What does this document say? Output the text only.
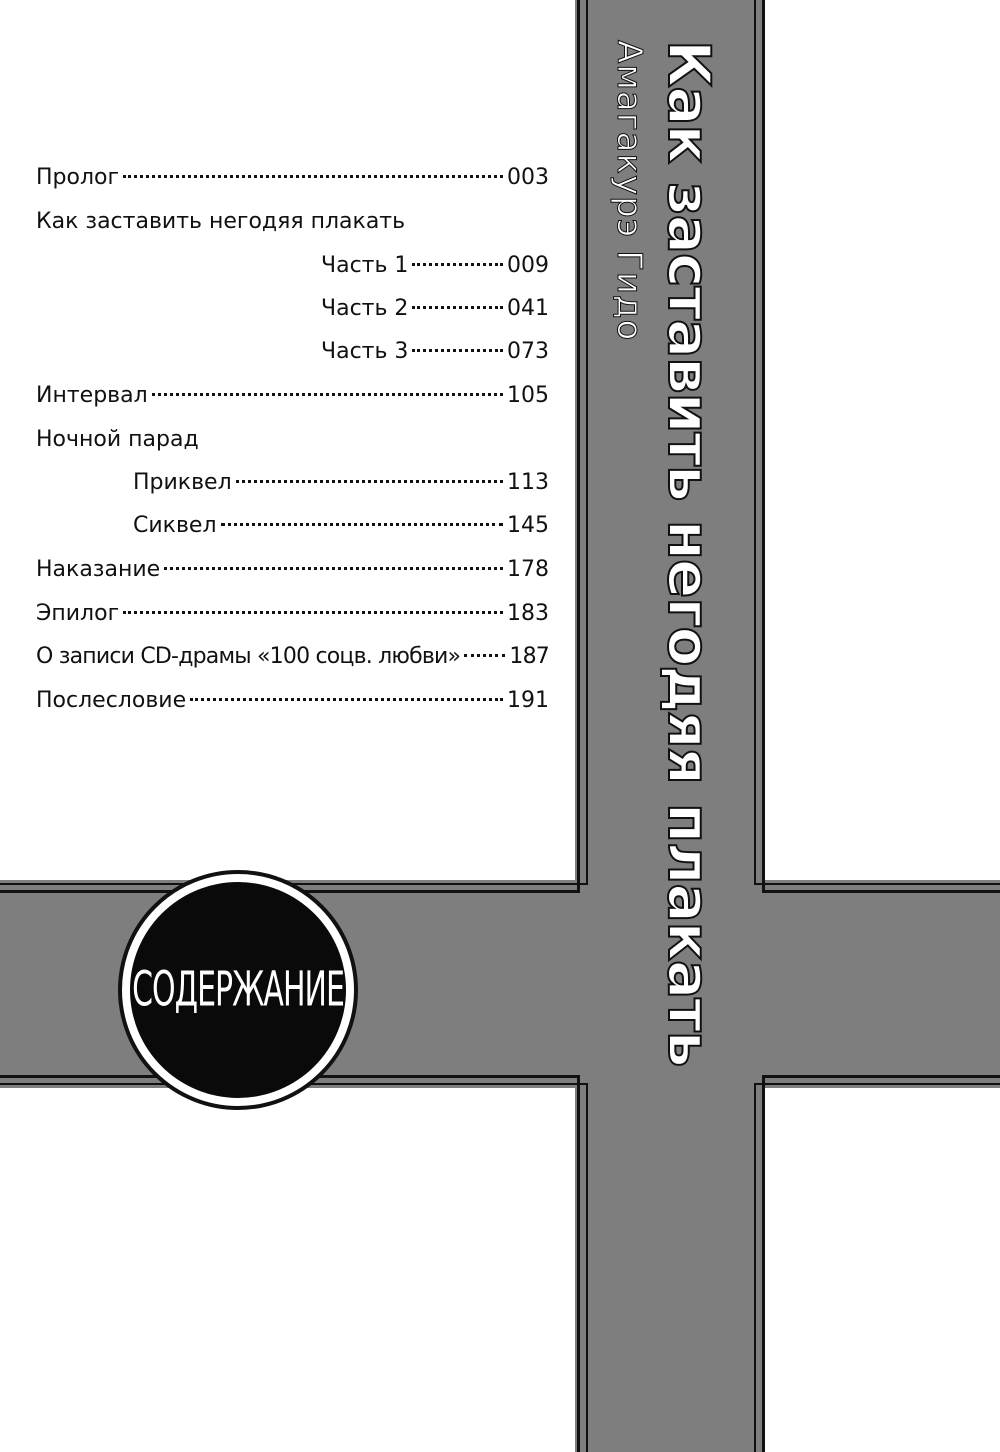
Как заставить негодяя плакать
Амагакурэ Гидо
СОДЕРЖАНИЕ
Пролог	003
Как заставить негодяя плакать
Часть 1	009
Часть 2	041
Часть 3	073
Интервал	105
Ночной парад
Приквел	113
Сиквел	145
Наказание	178
Эпилог	183
О записи CD-драмы «100 соцв. любви» 187
Послесловие	191
